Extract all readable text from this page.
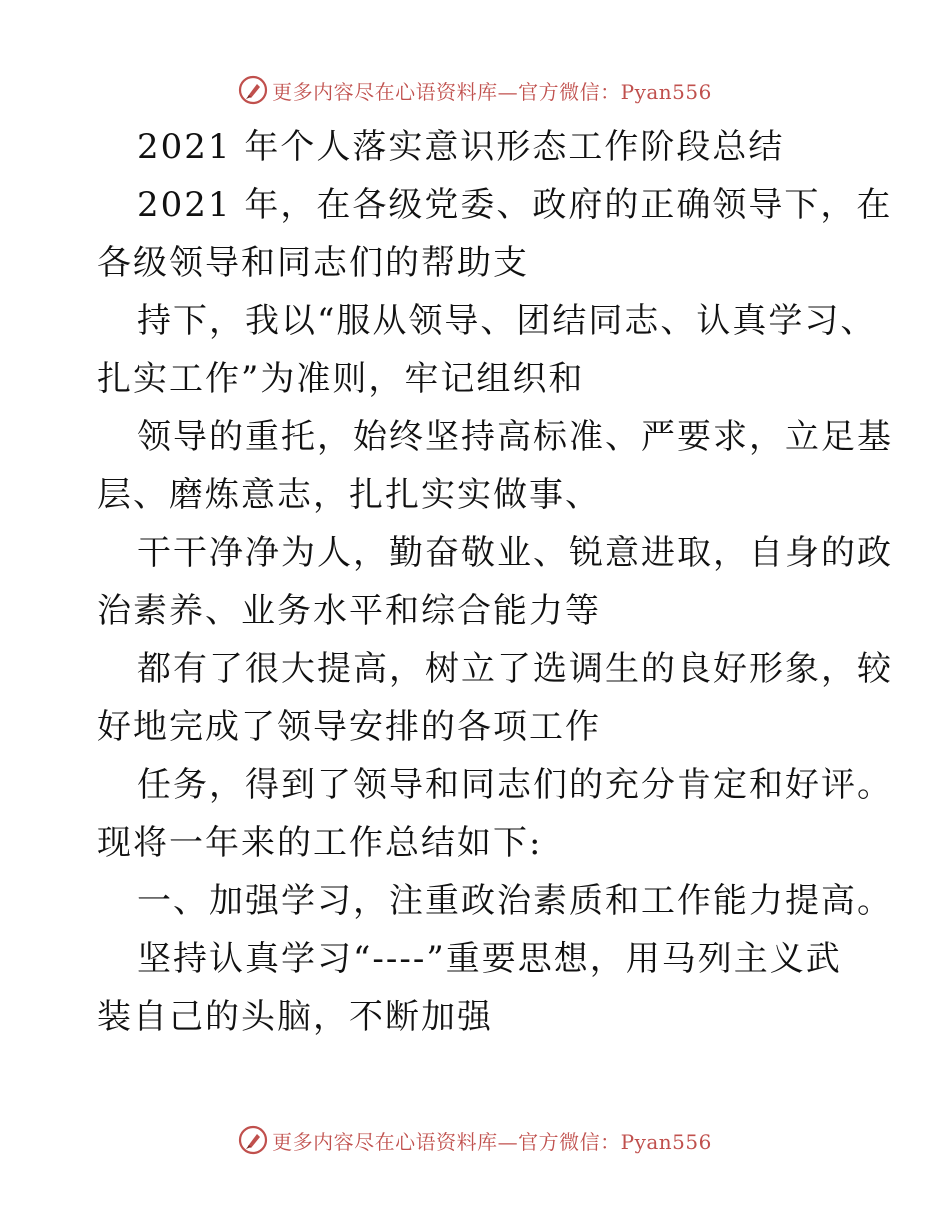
更多内容尽在心语资料库—官方微信：Pyan556
2021 年个人落实意识形态工作阶段总结
2021 年，在各级党委、政府的正确领导下，在
各级领导和同志们的帮助支
持下，我以“服从领导、团结同志、认真学习、
扎实工作”为准则，牢记组织和
领导的重托，始终坚持高标准、严要求，立足基
层、磨炼意志，扎扎实实做事、
干干净净为人，勤奋敬业、锐意进取，自身的政
治素养、业务水平和综合能力等
都有了很大提高，树立了选调生的良好形象，较
好地完成了领导安排的各项工作
任务，得到了领导和同志们的充分肯定和好评。
现将一年来的工作总结如下:
一、加强学习，注重政治素质和工作能力提高。
坚持认真学习“----”重要思想，用马列主义武
装自己的头脑，不断加强
更多内容尽在心语资料库—官方微信：Pyan556
